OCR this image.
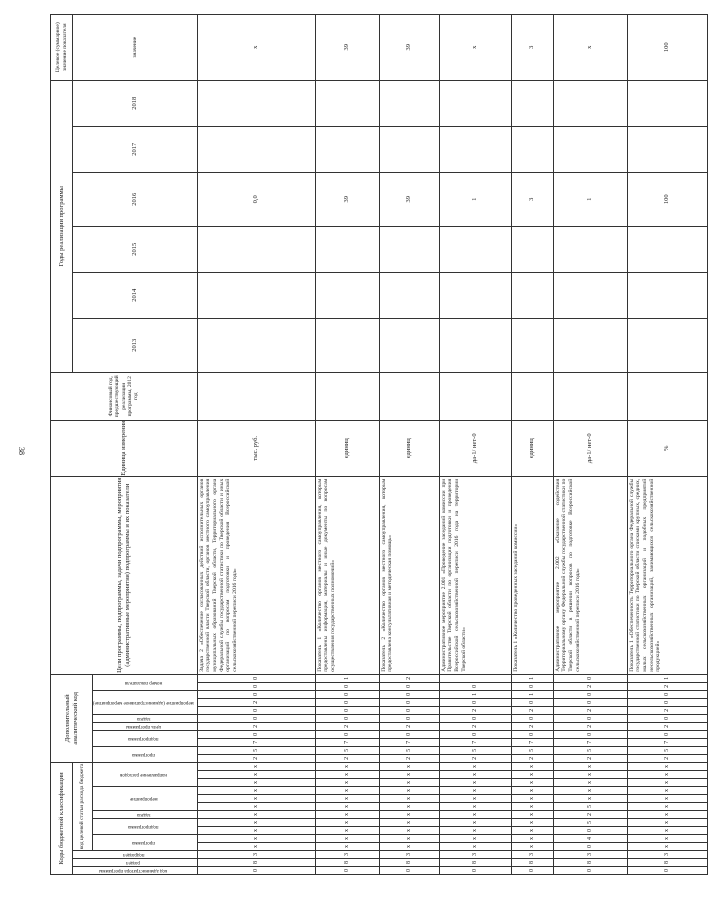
38
Коды бюджетной классификации														Дополнительный аналитический код											Цели программы, подпрограммы, задачи подпрограммы, мероприятия (административные мероприятия) подпрограммы и их показатели	Единица измерения	Финансовый год, предшествующий реализации программы, 2012 год	Годы реализации программы						Целевое (суммарное) значение показателя
код администратора программы	раздел	подраздел	код целевой статьи расхода бюджета																									2013	2014	2015	2016	2017	2018	значение
			программа		подпрограмма		задача	мероприятие			направление расходов			программа		подпрограмма		цель программы	задача	мероприятие (административное мероприятие)			номер показателя											
0	8	3	x	x	x	x	x	x	x	x	x	x	x	2	5	7	0	2	0	0	2	0	0	0	Задача 2 «Обеспечение согласованных действий исполнительных органов государственной власти Тверской области, органов местного самоуправления муниципальных образований Тверской области, Территориального органа Федеральной службы государственной статистики по Тверской области и иных организаций по вопросам подготовки и проведения Всероссийской сельскохозяйственной переписи 2016 года»	тыс. руб.					0,0			x
0	8	3	x	x	x	x	x	x	x	x	x	x	x	2	5	7	0	2	0	0	0	0	0	1	Показатель 1 «Количество органов местного самоуправления, которым предоставлены информация, материалы и иные документы по вопросам осуществления государственных полномочий»	единиц					39			39
0	8	3	x	x	x	x	x	x	x	x	x	x	x	2	5	7	0	2	0	0	0	0	0	2	Показатель 2 «Количество органов местного самоуправления, которым предоставлена консультативная и методическая помощь»	единиц					39			39
0	8	3	x	x	x	x	x	x	x	x	x	x	x	2	5	7	0	2	0	2	0	1	0		Административное мероприятие 2.001 «Проведение заседаний комиссии при Правительстве Тверской области по организации подготовки и проведения Всероссийской сельскохозяйственной переписи 2016 года на территории Тверской области»	да-1/ нет-0					1			x
0	8	3	x	x	x	x	x	x	x	x	x	x	x	2	5	7	0	2	0	2	0	1	0	1	Показатель 1 «Количество проведенных заседаний комиссии»	единиц					3			3
0	8	3	0	4	0	5	2	5	x	x	x	x	x	2	5	7	0	2	0	2	0	0	2	0	Административное мероприятие 2.002 «Оказание содействия Территориальному органу Федеральной службы государственной статистики по Тверской области в решении вопросов по подготовке Всероссийской сельскохозяйственной переписи 2016 года»	да-1/ нет-0					1			x
0	8	3	x	x	x	x	x	x	x	x	x	x	x	2	5	7	0	2	0	2	0	0	2	1	Показатель 1 «Обеспеченность Территориального органа Федеральной службы государственной статистики по Тверской области списками крупных, средних, малых сельскохозяйственных организаций и подобных предприятий несельскохозяйственных организаций, занимающихся сельскохозяйственной продукцией»	%					100			100
